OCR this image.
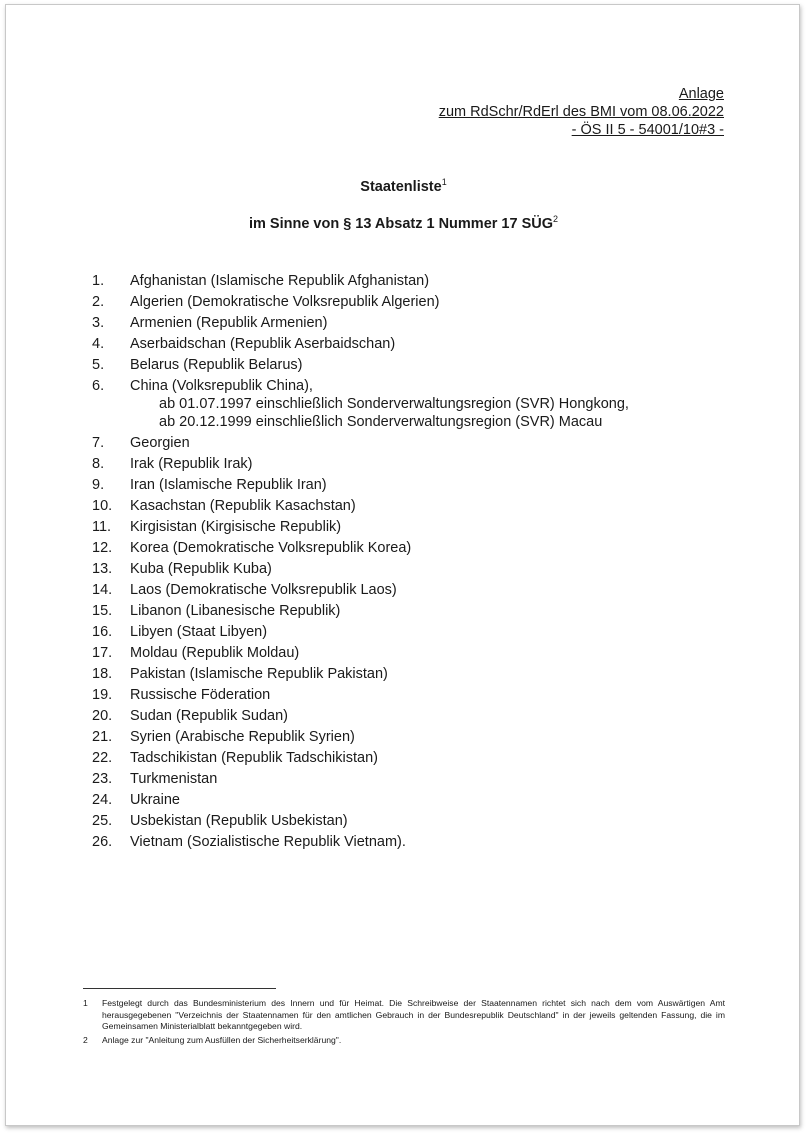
Anlage
zum RdSchr/RdErl des BMI vom 08.06.2022
- ÖS II 5 - 54001/10#3 -
Staatenliste$^1$
im Sinne von § 13 Absatz 1 Nummer 17 SÜG$^2$
1.	Afghanistan (Islamische Republik Afghanistan)
2.	Algerien (Demokratische Volksrepublik Algerien)
3.	Armenien (Republik Armenien)
4.	Aserbaidschan (Republik Aserbaidschan)
5.	Belarus (Republik Belarus)
6.	China (Volksrepublik China),
ab 01.07.1997 einschließlich Sonderverwaltungsregion (SVR) Hongkong,
ab 20.12.1999 einschließlich Sonderverwaltungsregion (SVR) Macau
7.	Georgien
8.	Irak (Republik Irak)
9.	Iran (Islamische Republik Iran)
10.	Kasachstan (Republik Kasachstan)
11.	Kirgisistan (Kirgisische Republik)
12.	Korea (Demokratische Volksrepublik Korea)
13.	Kuba (Republik Kuba)
14.	Laos (Demokratische Volksrepublik Laos)
15.	Libanon (Libanesische Republik)
16.	Libyen (Staat Libyen)
17.	Moldau (Republik Moldau)
18.	Pakistan (Islamische Republik Pakistan)
19.	Russische Föderation
20.	Sudan (Republik Sudan)
21.	Syrien (Arabische Republik Syrien)
22.	Tadschikistan (Republik Tadschikistan)
23.	Turkmenistan
24.	Ukraine
25.	Usbekistan (Republik Usbekistan)
26.	Vietnam (Sozialistische Republik Vietnam).
1	Festgelegt durch das Bundesministerium des Innern und für Heimat. Die Schreibweise der Staatennamen richtet sich nach dem vom Auswärtigen Amt herausgegebenen "Verzeichnis der Staatennamen für den amtlichen Gebrauch in der Bundesrepublik Deutschland" in der jeweils geltenden Fassung, die im Gemeinsamen Ministerialblatt bekanntgegeben wird.
2	Anlage zur "Anleitung zum Ausfüllen der Sicherheitserklärung".
